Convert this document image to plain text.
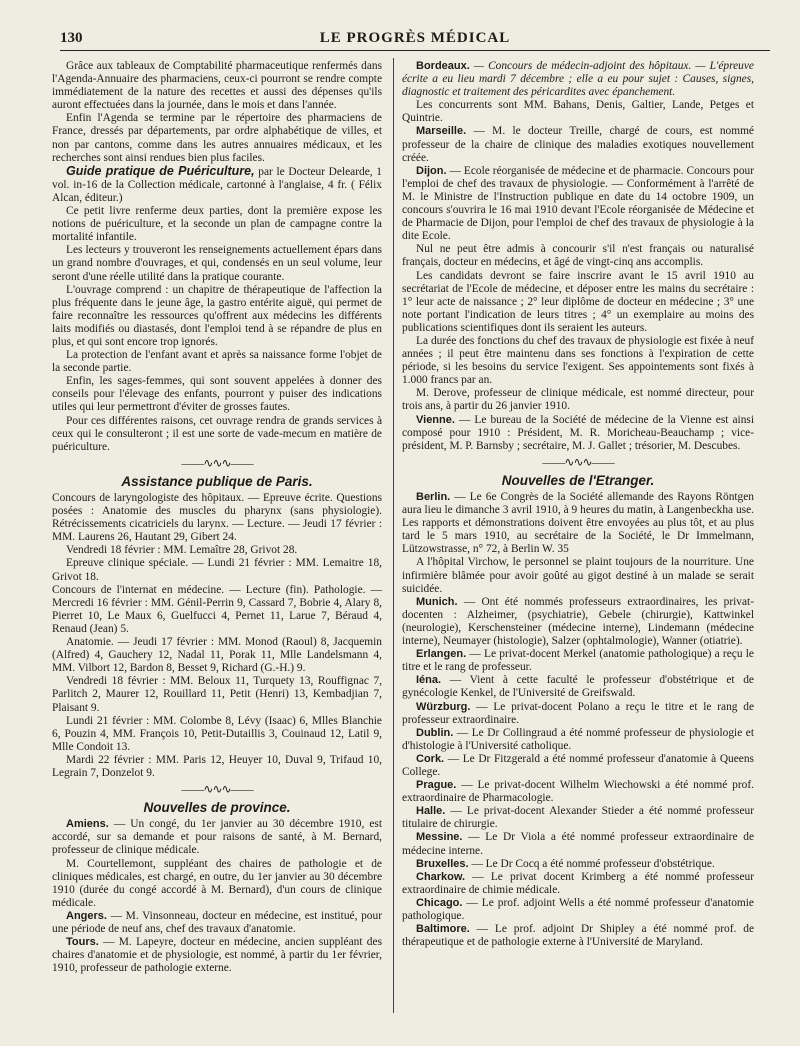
130	LE PROGRÈS MÉDICAL

Grâce aux tableaux de Comptabilité pharmaceutique renfermés dans l'Agenda-Annuaire des pharmaciens, ceux-ci pourront se rendre compte immédiatement de la nature des recettes et aussi des dépenses qu'ils auront effectuées dans la journée, dans le mois et dans l'année.

Enfin l'Agenda se termine par le répertoire des pharmaciens de France, dressés par départements, par ordre alphabétique de villes, et non par cantons, comme dans les autres annuaires médicaux, et les recherches sont ainsi rendues bien plus faciles.

Guide pratique de Puériculture, par le Docteur Delearde, 1 vol. in-16 de la Collection médicale, cartonné à l'anglaise, 4 fr. ( Félix Alcan, éditeur.)

Ce petit livre renferme deux parties, dont la première expose les notions de puériculture, et la seconde un plan de campagne contre la mortalité infantile.

Les lecteurs y trouveront les renseignements actuellement épars dans un grand nombre d'ouvrages, et qui, condensés en un seul volume, leur seront d'une réelle utilité dans la pratique courante.

L'ouvrage comprend : un chapitre de thérapeutique de l'affection la plus fréquente dans le jeune âge, la gastro entérite aiguë, qui permet de faire reconnaître les ressources qu'offrent aux médecins les différents laits modifiés ou diastasés, dont l'emploi tend à se répandre de plus en plus, et qui sont encore trop ignorés.

La protection de l'enfant avant et après sa naissance forme l'objet de la seconde partie.

Enfin, les sages-femmes, qui sont souvent appelées à donner des conseils pour l'élevage des enfants, pourront y puiser des indications utiles qui leur permettront d'éviter de grosses fautes.

Pour ces différentes raisons, cet ouvrage rendra de grands services à ceux qui le consulteront ; il est une sorte de vade-mecum en matière de puériculture.

——∿∿∿——
Assistance publique de Paris.

Concours de laryngologiste des hôpitaux. — Epreuve écrite. Questions posées : Anatomie des muscles du pharynx (sans physiologie). Rétrécissements cicatriciels du larynx. — Lecture. — Jeudi 17 février : MM. Laurens 26, Hautant 29, Gibert 24.

Vendredi 18 février : MM. Lemaître 28, Grivot 28.

Epreuve clinique spéciale. — Lundi 21 février : MM. Lemaitre 18, Grivot 18.

Concours de l'internat en médecine. — Lecture (fin). Pathologie. — Mercredi 16 février : MM. Génil-Perrin 9, Cassard 7, Bobrie 4, Alary 8, Pierret 10, Le Maux 6, Guelfucci 4, Pernet 11, Larue 7, Béraud 4, Renaud (Jean) 5.

Anatomie. — Jeudi 17 février : MM. Monod (Raoul) 8, Jacquemin (Alfred) 4, Gauchery 12, Nadal 11, Porak 11, Mlle Landelsmann 4, MM. Vilbort 12, Bardon 8, Besset 9, Richard (G.-H.) 9.

Vendredi 18 février : MM. Beloux 11, Turquety 13, Rouffignac 7, Parlitch 2, Maurer 12, Rouillard 11, Petit (Henri) 13, Kembadjian 7, Plaisant 9.

Lundi 21 février : MM. Colombe 8, Lévy (Isaac) 6, Mlles Blanchie 6, Pouzin 4, MM. François 10, Petit-Dutaillis 3, Couinaud 12, Latil 9, Mlle Condoit 13.

Mardi 22 février : MM. Paris 12, Heuyer 10, Duval 9, Trifaud 10, Legrain 7, Donzelot 9.

——∿∿∿——
Nouvelles de province.

Amiens. — Un congé, du 1er janvier au 30 décembre 1910, est accordé, sur sa demande et pour raisons de santé, à M. Bernard, professeur de clinique médicale.

M. Courtellemont, suppléant des chaires de pathologie et de cliniques médicales, est chargé, en outre, du 1er janvier au 30 décembre 1910 (durée du congé accordé à M. Bernard), d'un cours de clinique médicale.

Angers. — M. Vinsonneau, docteur en médecine, est institué, pour une période de neuf ans, chef des travaux d'anatomie.

Tours. — M. Lapeyre, docteur en médecine, ancien suppléant des chaires d'anatomie et de physiologie, est nommé, à partir du 1er février, 1910, professeur de pathologie externe.

Bordeaux. — Concours de médecin-adjoint des hôpitaux. — L'épreuve écrite a eu lieu mardi 7 décembre ; elle a eu pour sujet : Causes, signes, diagnostic et traitement des péricardites avec épanchement.

Les concurrents sont MM. Bahans, Denis, Galtier, Lande, Petges et Quintrie.

Marseille. — M. le docteur Treille, chargé de cours, est nommé professeur de la chaire de clinique des maladies exotiques nouvellement créée.

Dijon. — Ecole réorganisée de médecine et de pharmacie. Concours pour l'emploi de chef des travaux de physiologie. — Conformément à l'arrêté de M. le Ministre de l'Instruction publique en date du 14 octobre 1909, un concours s'ouvrira le 16 mai 1910 devant l'Ecole réorganisée de Médecine et de Pharmacie de Dijon, pour l'emploi de chef des travaux de physiologie à la dite Ecole.

Nul ne peut être admis à concourir s'il n'est français ou naturalisé français, docteur en médecins, et âgé de vingt-cinq ans accomplis.

Les candidats devront se faire inscrire avant le 15 avril 1910 au secrétariat de l'Ecole de médecine, et déposer entre les mains du secrétaire : 1° leur acte de naissance ; 2° leur diplôme de docteur en médecine ; 3° une note portant l'indication de leurs titres ; 4° un exemplaire au moins des publications scientifiques dont ils seraient les auteurs.

La durée des fonctions du chef des travaux de physiologie est fixée à neuf années ; il peut être maintenu dans ses fonctions à l'expiration de cette période, si les besoins du service l'exigent. Ses appointements sont fixés à 1.000 francs par an.

M. Derove, professeur de clinique médicale, est nommé directeur, pour trois ans, à partir du 26 janvier 1910.

Vienne. — Le bureau de la Société de médecine de la Vienne est ainsi composé pour 1910 : Président, M. R. Moricheau-Beauchamp ; vice-président, M. P. Barnsby ; secrétaire, M. J. Gallet ; trésorier, M. Descubes.

——∿∿∿——
Nouvelles de l'Etranger.

Berlin. — Le 6e Congrès de la Société allemande des Rayons Röntgen aura lieu le dimanche 3 avril 1910, à 9 heures du matin, à Langenbeckha use. Les rapports et démonstrations doivent être envoyées au plus tôt, et au plus tard le 5 mars 1910, au secrétaire de la Société, le Dr Immelmann, Lützowstrasse, n° 72, à Berlin W. 35

A l'hôpital Virchow, le personnel se plaint toujours de la nourriture. Une infirmière blâmée pour avoir goûté au gigot destiné à un malade se serait suicidée.

Munich. — Ont été nommés professeurs extraordinaires, les privat-docenten : Alzheimer, (psychiatrie), Gebele (chirurgie), Kattwinkel (neurologie), Kerschensteiner (médecine interne), Lindemann (médecine interne), Neumayer (histologie), Salzer (ophtalmologie), Wanner (otiatrie).

Erlangen. — Le privat-docent Merkel (anatomie pathologique) a reçu le titre et le rang de professeur.

Iéna. — Vient à cette faculté le professeur d'obstétrique et de gynécologie Kenkel, de l'Université de Greifswald.

Würzburg. — Le privat-docent Polano a reçu le titre et le rang de professeur extraordinaire.

Dublin. — Le Dr Collingraud a été nommé professeur de physiologie et d'histologie à l'Université catholique.

Cork. — Le Dr Fitzgerald a été nommé professeur d'anatomie à Queens College.

Prague. — Le privat-docent Wilhelm Wiechowski a été nommé prof. extraordinaire de Pharmacologie.

Halle. — Le privat-docent Alexander Stieder a été nommé professeur titulaire de chirurgie.

Messine. — Le Dr Viola a été nommé professeur extraordinaire de médecine interne.

Bruxelles. — Le Dr Cocq a été nommé professeur d'obstétrique.

Charkow. — Le privat docent Krimberg a été nommé professeur extraordinaire de chimie médicale.

Chicago. — Le prof. adjoint Wells a été nommé professeur d'anatomie pathologique.

Baltimore. — Le prof. adjoint Dr Shipley a été nommé prof. de thérapeutique et de pathologie externe à l'Université de Maryland.
